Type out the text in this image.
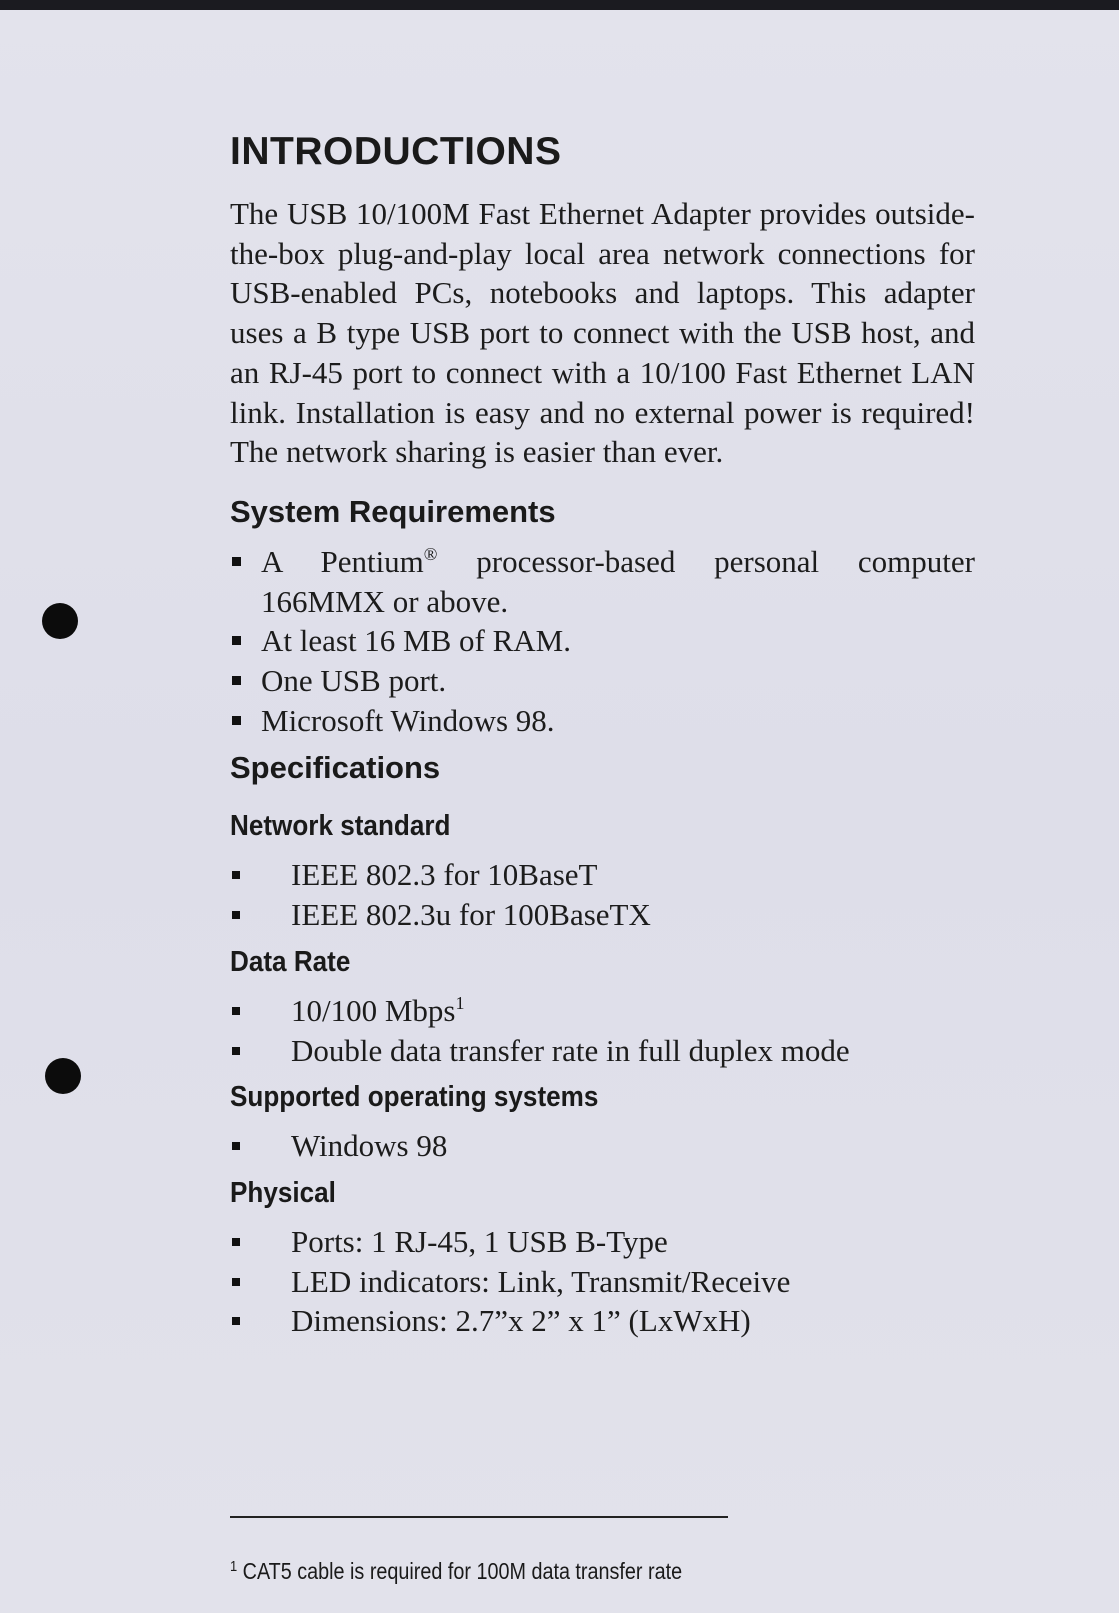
INTRODUCTIONS

The USB 10/100M Fast Ethernet Adapter provides outside-the-box plug-and-play local area network connections for USB-enabled PCs, notebooks and laptops. This adapter uses a B type USB port to connect with the USB host, and an RJ-45 port to connect with a 10/100 Fast Ethernet LAN link. Installation is easy and no external power is required! The network sharing is easier than ever.

System Requirements
A Pentium® processor-based personal computer
166MMX or above.
At least 16 MB of RAM.
One USB port.
Microsoft Windows 98.
Specifications
Network standard
IEEE 802.3 for 10BaseT
IEEE 802.3u for 100BaseTX
Data Rate
10/100 Mbps$^1$
Double data transfer rate in full duplex mode
Supported operating systems
Windows 98
Physical
Ports: 1 RJ-45, 1 USB B-Type
LED indicators: Link, Transmit/Receive
Dimensions: 2.7”x 2” x 1” (LxWxH)
$^1$ CAT5 cable is required for 100M data transfer rate
